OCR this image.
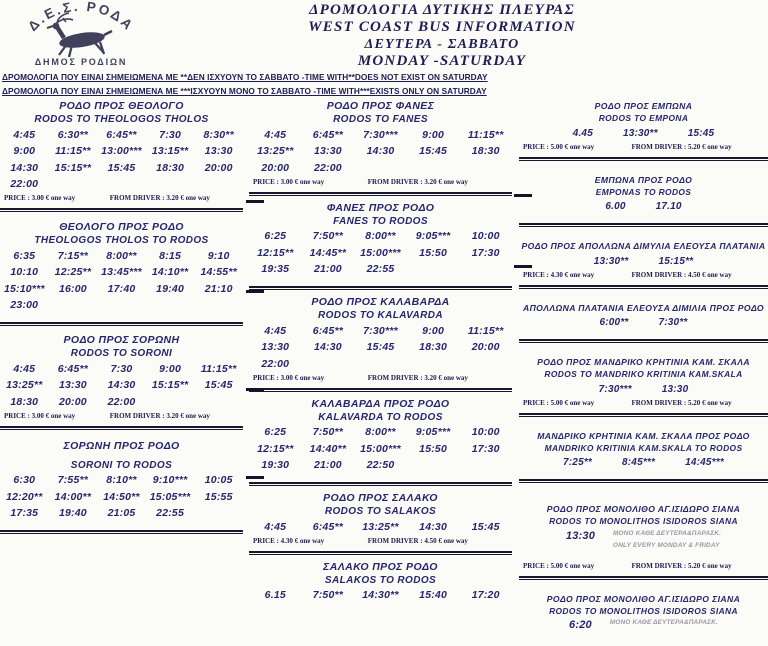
Δ.Ε.Σ. ΡΟΔΑ
ΔΗΜΟΣ ΡΟΔΙΩΝ
ΔΡΟΜΟΛΟΓΙΑ ΔΥΤΙΚΗΣ ΠΛΕΥΡΑΣ
WEST COAST BUS INFORMATION
ΔΕΥΤΕΡΑ - ΣΑΒΒΑΤΟ
MONDAY -SATURDAY
ΔΡΟΜΟΛΟΓΙΑ ΠΟΥ ΕΙΝΑΙ ΣΗΜΕΙΩΜΕΝΑ ΜΕ **ΔΕΝ ΙΣΧΥΟΥΝ ΤΟ ΣΑΒΒΑΤΟ -TIME WITH**DOES NOT EXIST ON SATURDAY
ΔΡΟΜΟΛΟΓΙΑ ΠΟΥ ΕΙΝΑΙ ΣΗΜΕΙΩΜΕΝΑ ΜΕ ***ΙΣΧΥΟΥΝ ΜΟΝΟ ΤΟ ΣΑΒΒΑΤΟ -TIME WITH***EXISTS ONLY ON SATURDAY
ΡΟΔΟ ΠΡΟΣ ΘΕΟΛΟΓΟ
RODOS TO THEOLOGOS THOLOS
4:45	6:30**	6:45**	7:30	8:30**
9:00	11:15** 13:00*** 13:15**	13:30
14:30	15:15**	15:45	18:30	20:00
22:00
PRICE : 3.00 € one way	FROM DRIVER : 3.20 € one way
ΘΕΟΛΟΓΟ ΠΡΟΣ ΡΟΔΟ
THEOLOGOS THOLOS TO RODOS
6:35	7:15**	8:00**	8:15	9:10
10:10	12:25** 13:45*** 14:10**	14:55**
15:10***	16:00	17:40	19:40	21:10
23:00
ΡΟΔΟ ΠΡΟΣ ΣΟΡΩΝΗ
RODOS TO SORONI
4:45	6:45**	7:30	9:00	11:15**
13:25**	13:30	14:30	15:15**	15:45
18:30	20:00	22:00
PRICE : 3.00 € one way	FROM DRIVER : 3.20 € one way
ΣΟΡΩΝΗ ΠΡΟΣ ΡΟΔΟ
SORONI TO RODOS
6:30	7:55**	8:10**	9:10***	10:05
12:20**	14:00**	14:50** 15:05***	15:55
17:35	19:40	21:05	22:55
ΡΟΔΟ ΠΡΟΣ ΦΑΝΕΣ
RODOS TO FANES
4:45	6:45**	7:30***	9:00	11:15**
13:25**	13:30	14:30	15:45	18:30
20:00	22:00
PRICE : 3.00 € one way	FROM DRIVER : 3.20 € one way
ΦΑΝΕΣ ΠΡΟΣ ΡΟΔΟ
FANES TO RODOS
6:25	7:50**	8:00**	9:05***	10:00
12:15**	14:45**	15:00***	15:50	17:30
19:35	21:00	22:55
ΡΟΔΟ ΠΡΟΣ ΚΑΛΑΒΑΡΔΑ
RODOS TO KALAVARDA
4:45	6:45**	7:30***	9:00	11:15**
13:30	14:30	15:45	18:30	20:00
22:00
PRICE : 3.00 € one way	FROM DRIVER : 3.20 € one way
ΚΑΛΑΒΑΡΔΑ ΠΡΟΣ ΡΟΔΟ
KALAVARDA TO RODOS
6:25	7:50**	8:00**	9:05***	10:00
12:15**	14:40**	15:00***	15:50	17:30
19:30	21:00	22:50
ΡΟΔΟ ΠΡΟΣ ΣΑΛΑΚΟ
RODOS TO SALAKOS
4:45	6:45**	13:25**	14:30	15:45
PRICE : 4.30 € one way	FROM DRIVER : 4.50 € one way
ΣΑΛΑΚΟ ΠΡΟΣ ΡΟΔΟ
SALAKOS TO RODOS
6.15	7:50**	14:30**	15:40	17:20
ΡΟΔΟ ΠΡΟΣ ΕΜΠΩΝΑ
RODOS TO EMPONA
4.45	13:30**	15:45
PRICE : 5.00 € one way	FROM DRIVER : 5.20 € one way
ΕΜΠΩΝΑ ΠΡΟΣ ΡΟΔΟ
EMPONAS TO RODOS
6.00	17.10
ΡΟΔΟ ΠΡΟΣ ΑΠΟΛΛΩΝΑ ΔΙΜΥΛΙΑ ΕΛΕΟΥΣΑ ΠΛΑΤΑΝΙΑ
13:30**	15:15**
PRICE : 4.30 € one way	FROM DRIVER : 4.50 € one way
ΑΠΟΛΛΩΝΑ ΠΛΑΤΑΝΙΑ ΕΛΕΟΥΣΑ ΔΙΜΙΛΙΑ ΠΡΟΣ ΡΟΔΟ
6:00**	7:30**
ΡΟΔΟ ΠΡΟΣ ΜΑΝΔΡΙΚΟ ΚΡΗΤΙΝΙΑ ΚΑΜ. ΣΚΑΛΑ
RODOS TO MANDRIKO KRITINIA ΚΑΜ.SKALA
7:30***	13:30
PRICE : 5.00 € one way	FROM DRIVER : 5.20 € one way
ΜΑΝΔΡΙΚΟ ΚΡΗΤΙΝΙΑ ΚΑΜ. ΣΚΑΛΑ ΠΡΟΣ ΡΟΔΟ
MANDRIKO KRITINIA KAM.SKALA TO RODOS
7:25**	8:45***	14:45***
ΡΟΔΟ ΠΡΟΣ ΜΟΝΟΛΙΘΟ ΑΓ.ΙΣΙΔΩΡΟ ΣΙΑΝΑ
RODOS TO MONOLITHOS ISIDOROS SIANA
13:30	ΜΟΝΟ ΚΑΘΕ ΔΕΥΤΕΡΑ&ΠΑΡΑΣΚ.
ONLY EVERY MONDAY & FRIDAY
PRICE : 5.00 € one way	FROM DRIVER : 5.20 € one way
ΡΟΔΟ ΠΡΟΣ ΜΟΝΟΛΙΘΟ ΑΓ.ΙΣΙΔΩΡΟ ΣΙΑΝΑ
RODOS TO MONOLITHOS ISIDOROS SIANA
6:20	ΜΟΝΟ ΚΑΘΕ ΔΕΥΤΕΡΑ&ΠΑΡΑΣΚ.
